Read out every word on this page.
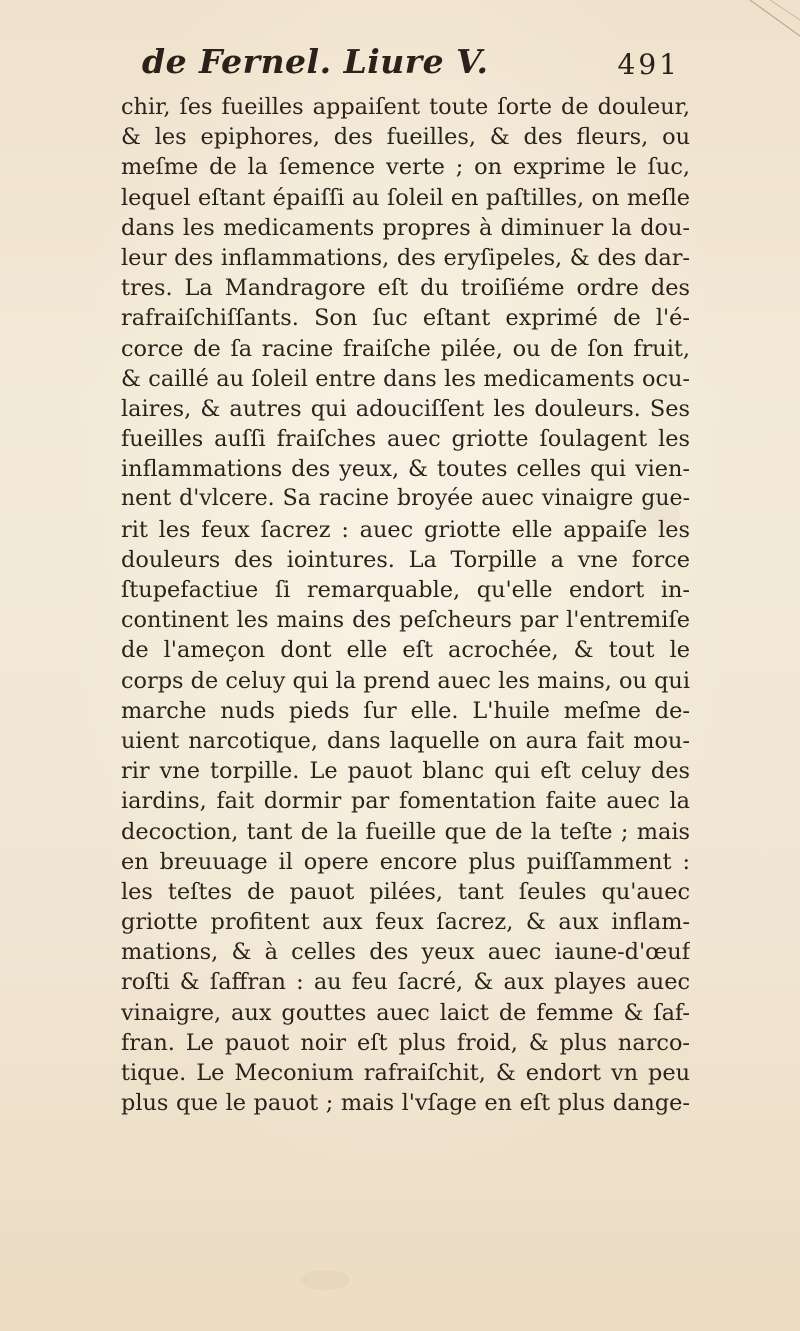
de Fernel. Liure V.	491
chir, ſes fueilles appaiſent toute ſorte de douleur,
& les epiphores, des fueilles, & des fleurs, ou
meſme de la ſemence verte ; on exprime le ſuc,
lequel eſtant épaiſſi au ſoleil en paſtilles, on meſle
dans les medicaments propres à diminuer la dou-
leur des inflammations, des eryſipeles, & des dar-
tres. La Mandragore eſt du troiſiéme ordre des
rafraiſchiſſants. Son ſuc eſtant exprimé de l'é-
corce de ſa racine fraiſche pilée, ou de ſon fruit,
& caillé au ſoleil entre dans les medicaments ocu-
laires, & autres qui adouciſſent les douleurs. Ses
fueilles auſſi fraiſches auec griotte ſoulagent les
inflammations des yeux, & toutes celles qui vien-
nent d'vlcere. Sa racine broyée auec vinaigre gue-
rit les feux ſacrez : auec griotte elle appaiſe les
douleurs des iointures. La Torpille a vne force
ſtupefactiue ſi remarquable, qu'elle endort in-
continent les mains des peſcheurs par l'entremiſe
de l'ameçon dont elle eſt acrochée, & tout le
corps de celuy qui la prend auec les mains, ou qui
marche nuds pieds ſur elle. L'huile meſme de-
uient narcotique, dans laquelle on aura fait mou-
rir vne torpille. Le pauot blanc qui eſt celuy des
iardins, fait dormir par fomentation faite auec la
decoction, tant de la fueille que de la teſte ; mais
en breuuage il opere encore plus puiſſamment :
les teſtes de pauot pilées, tant ſeules qu'auec
griotte profitent aux feux ſacrez, & aux inflam-
mations, & à celles des yeux auec iaune-d'œuf
roſti & ſaffran : au feu ſacré, & aux playes auec
vinaigre, aux gouttes auec laict de femme & ſaf-
fran. Le pauot noir eſt plus froid, & plus narco-
tique. Le Meconium rafraiſchit, & endort vn peu
plus que le pauot ; mais l'vſage en eſt plus dange-
